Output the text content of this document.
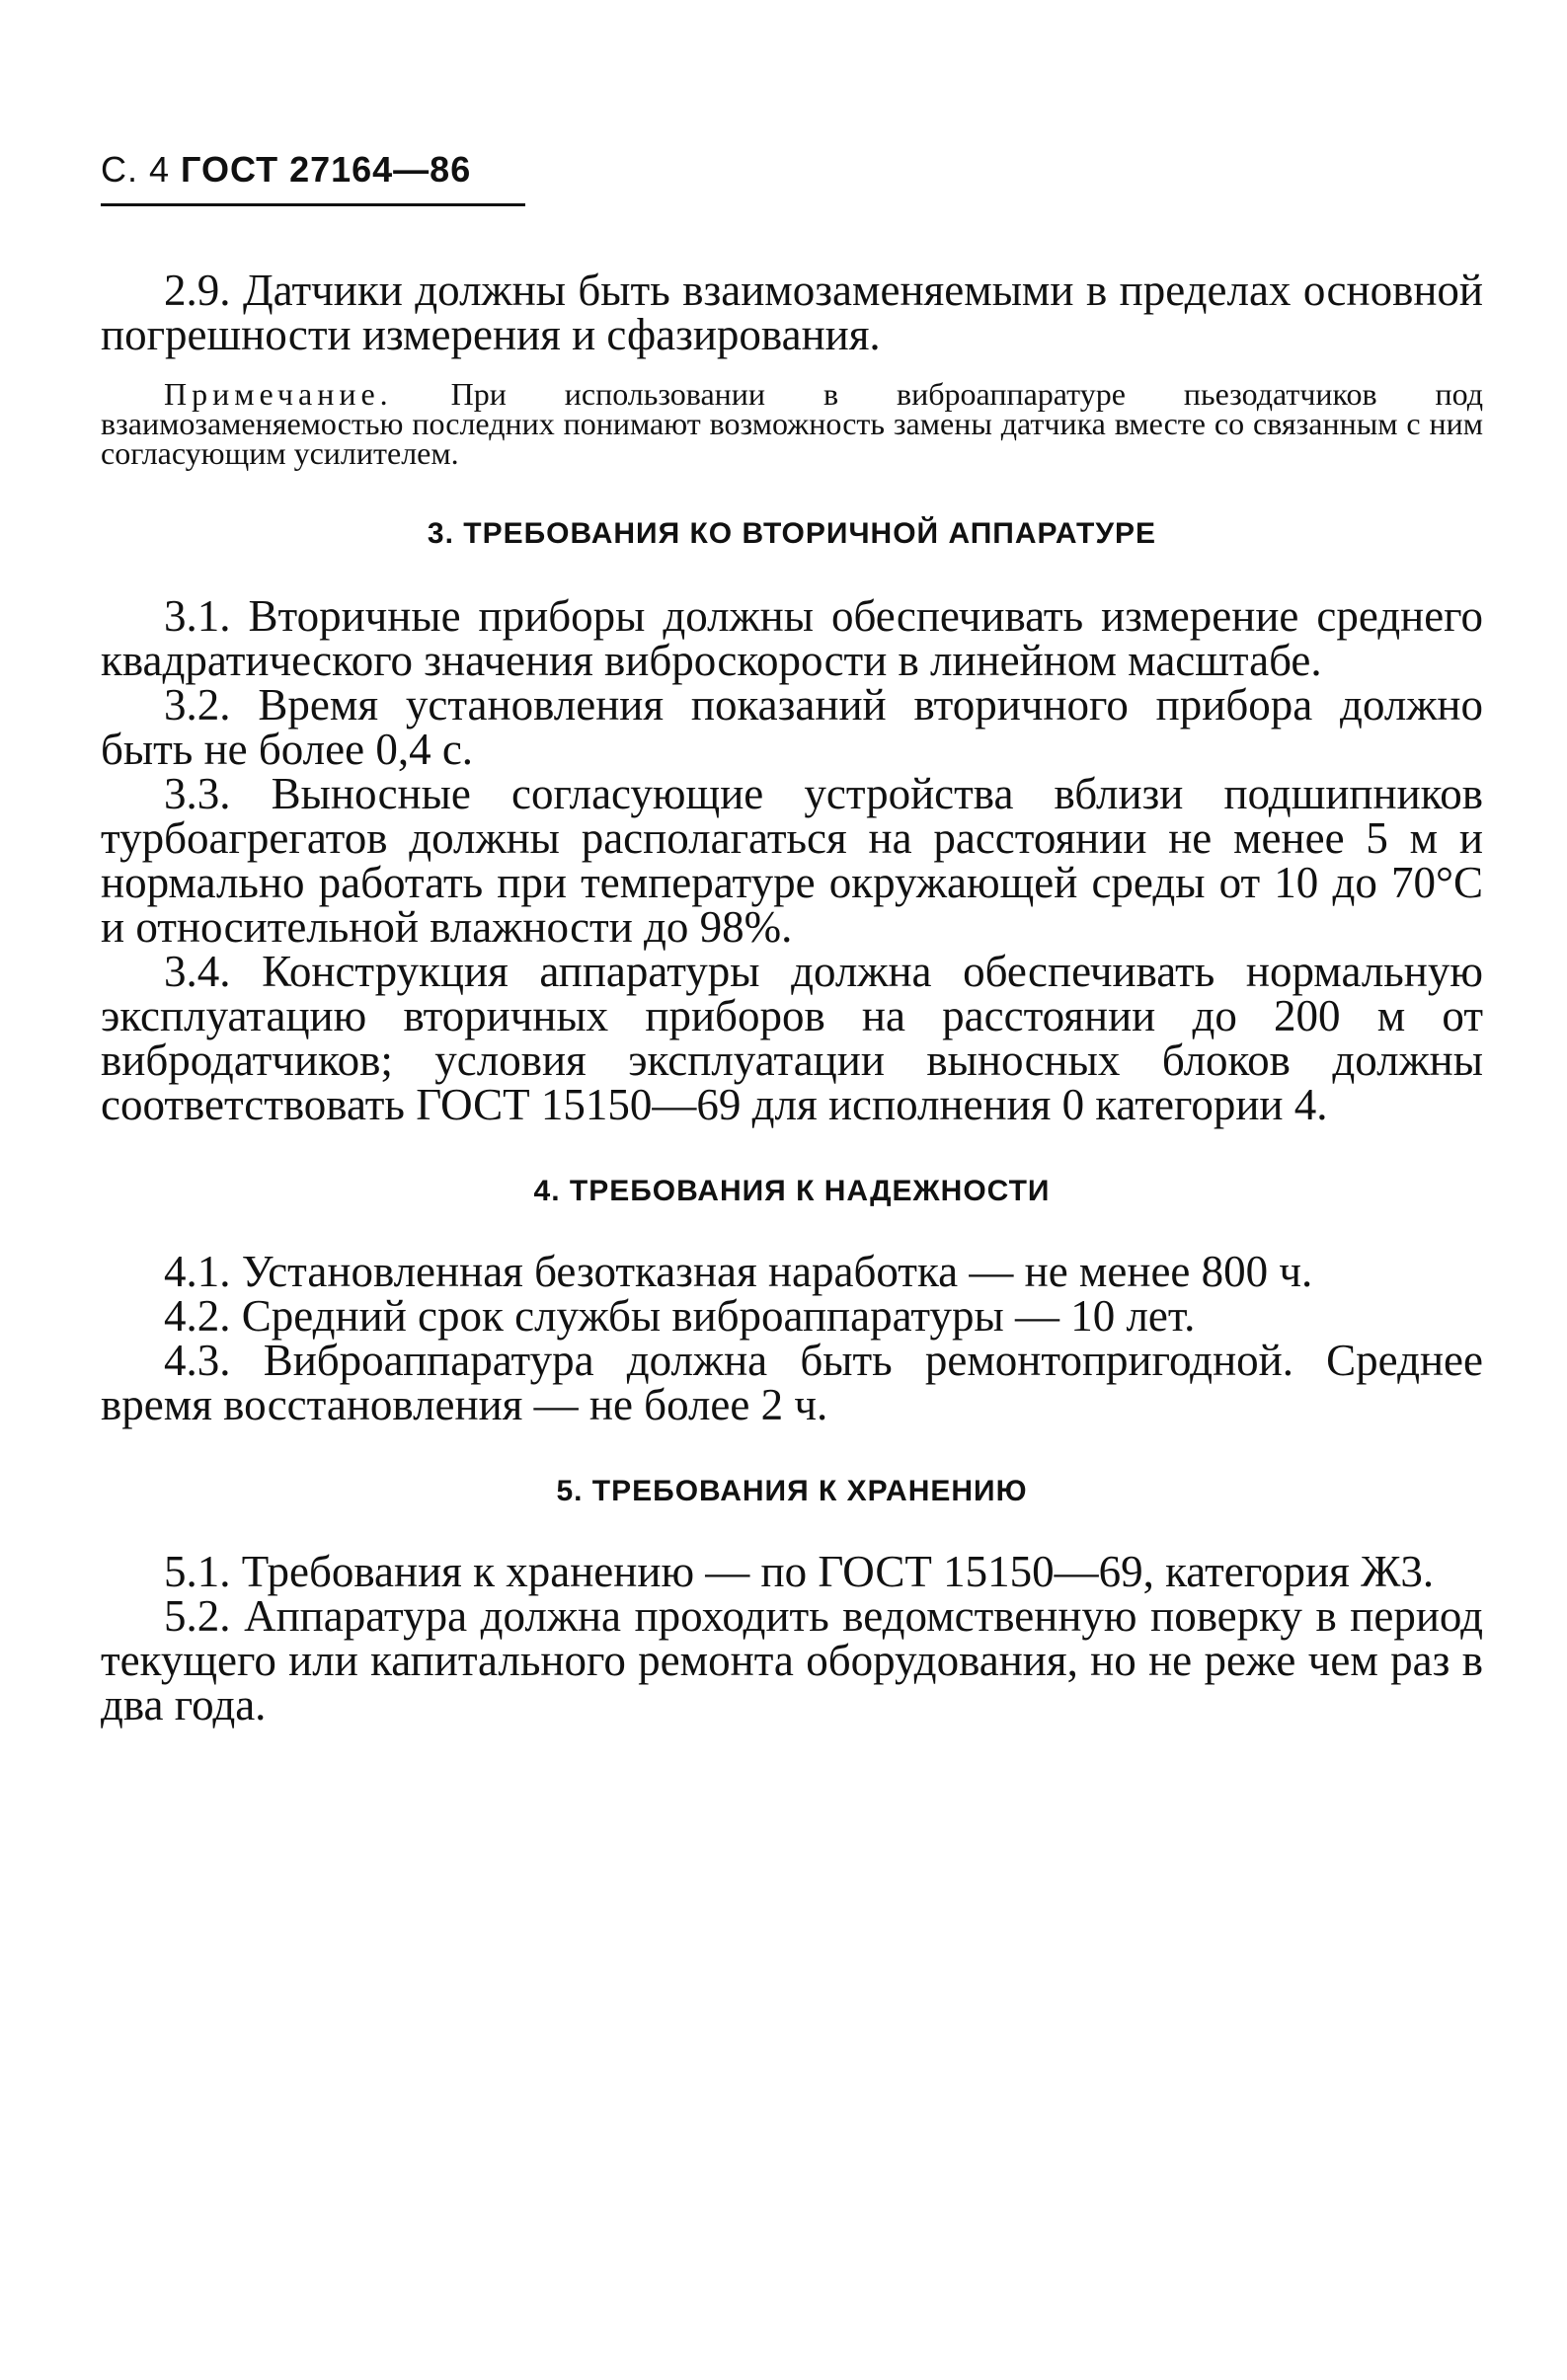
С. 4 ГОСТ 27164—86

2.9. Датчики должны быть взаимозаменяемыми в пределах основной погрешности измерения и сфазирования.

Примечание. При использовании в виброаппаратуре пьезодатчиков под взаимозаменяемостью последних понимают возможность замены датчика вместе со связанным с ним согласующим усилителем.

3. ТРЕБОВАНИЯ КО ВТОРИЧНОЙ АППАРАТУРЕ

3.1. Вторичные приборы должны обеспечивать измерение среднего квадратического значения виброскорости в линейном масштабе.

3.2. Время установления показаний вторичного прибора должно быть не более 0,4 с.

3.3. Выносные согласующие устройства вблизи подшипников турбоагрегатов должны располагаться на расстоянии не менее 5 м и нормально работать при температуре окружающей среды от 10 до 70°С и относительной влажности до 98%.

3.4. Конструкция аппаратуры должна обеспечивать нормальную эксплуатацию вторичных приборов на расстоянии до 200 м от вибродатчиков; условия эксплуатации выносных блоков должны соответствовать ГОСТ 15150—69 для исполнения 0 категории 4.

4. ТРЕБОВАНИЯ К НАДЕЖНОСТИ

4.1. Установленная безотказная наработка — не менее 800 ч.

4.2. Средний срок службы виброаппаратуры — 10 лет.

4.3. Виброаппаратура должна быть ремонтопригодной. Среднее время восстановления — не более 2 ч.

5. ТРЕБОВАНИЯ К ХРАНЕНИЮ

5.1. Требования к хранению — по ГОСТ 15150—69, категория Ж3.

5.2. Аппаратура должна проходить ведомственную поверку в период текущего или капитального ремонта оборудования, но не реже чем раз в два года.
